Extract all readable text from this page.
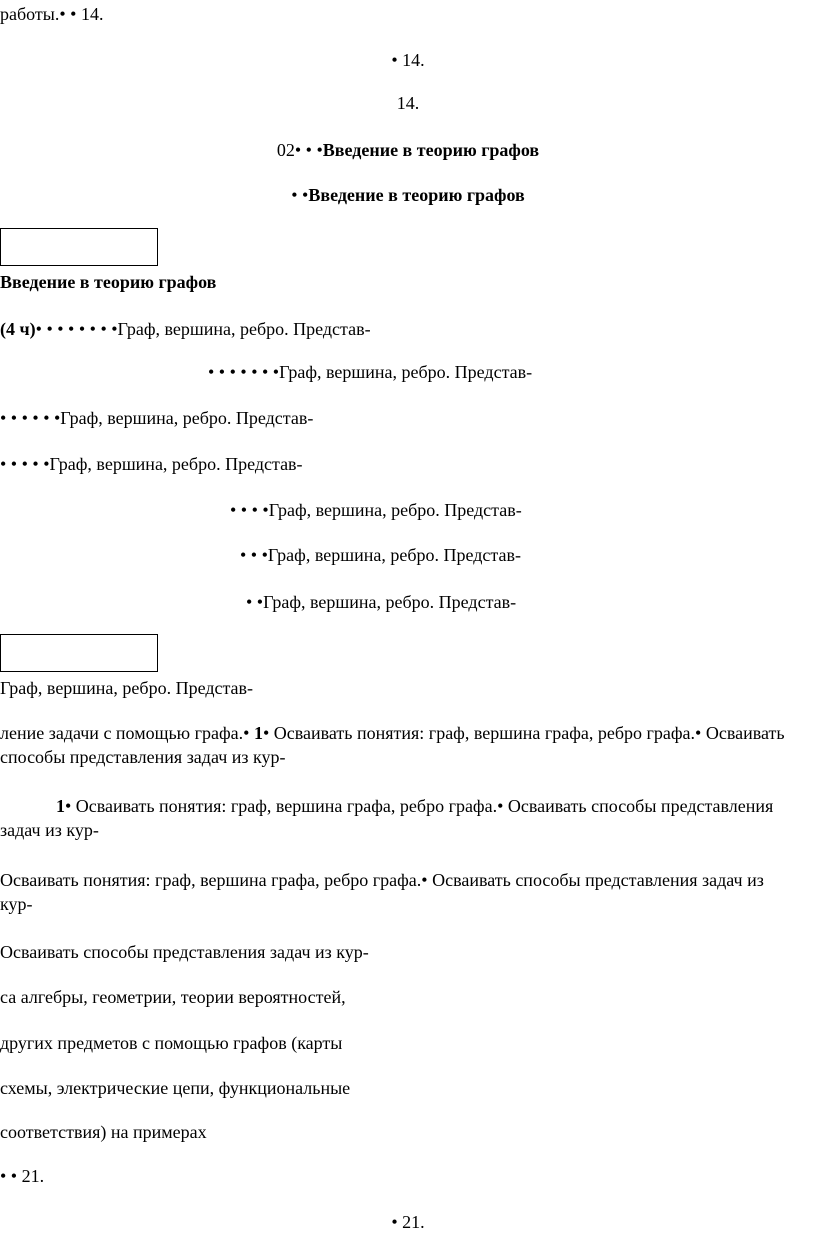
работы.• • 14.
• 14.
14.
02• • •Введение в теорию графов
• •Введение в теорию графов
Введение в теорию графов
(4 ч)• • • • • • • •Граф, вершина, ребро. Представ-
• • • • • • •Граф, вершина, ребро. Представ-
• • • • • •Граф, вершина, ребро. Представ-
• • • • •Граф, вершина, ребро. Представ-
• • • •Граф, вершина, ребро. Представ-
• • •Граф, вершина, ребро. Представ-
• •Граф, вершина, ребро. Представ-
Граф, вершина, ребро. Представ-
ление задачи с помощью графа.• 1• Осваивать понятия: граф, вершина графа, ребро графа.• Осваивать способы представления задач из кур-
1• Осваивать понятия: граф, вершина графа, ребро графа.• Осваивать способы представления задач из кур-
Осваивать понятия: граф, вершина графа, ребро графа.• Осваивать способы представления задач из кур-
Осваивать способы представления задач из кур-
са алгебры, геометрии, теории вероятностей,
других предметов с помощью графов (карты
схемы, электрические цепи, функциональные
соответствия) на примерах
• • 21.
• 21.
